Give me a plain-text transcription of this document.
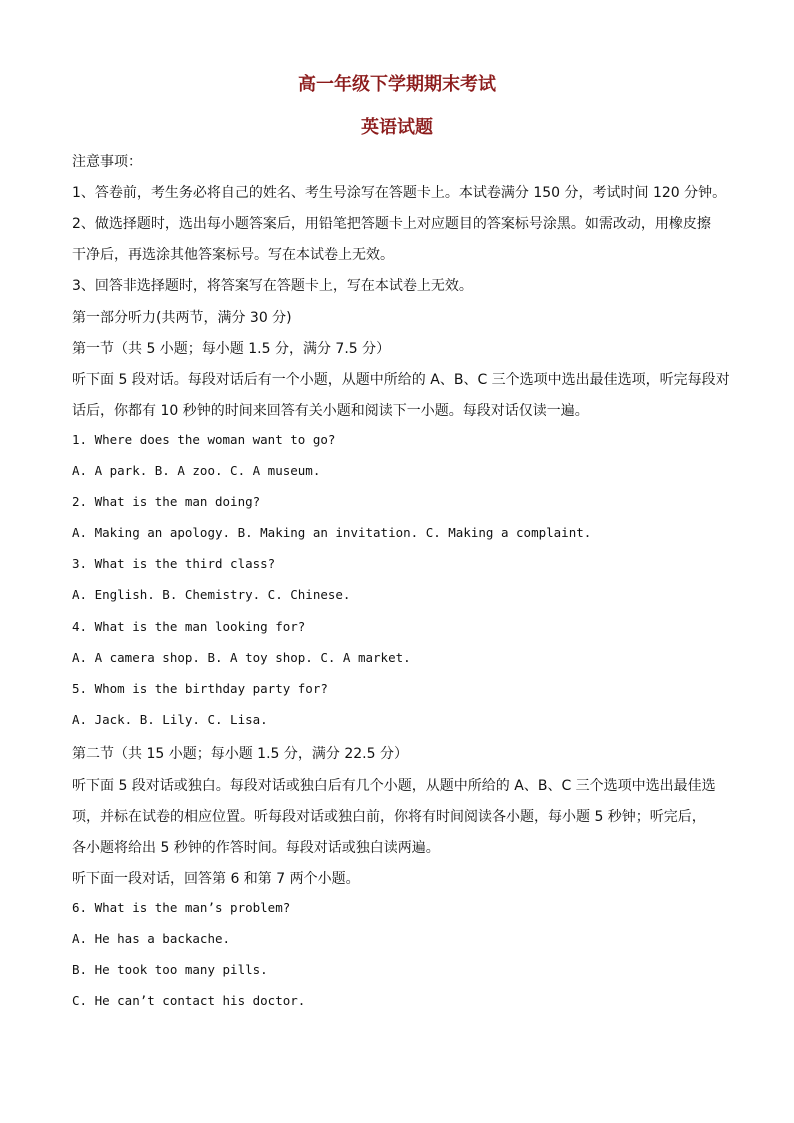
高一年级下学期期末考试
英语试题
注意事项：
1、答卷前，考生务必将自己的姓名、考生号涂写在答题卡上。本试卷满分 150 分，考试时间 120 分钟。
2、做选择题时，选出每小题答案后，用铅笔把答题卡上对应题目的答案标号涂黑。如需改动，用橡皮擦
干净后，再选涂其他答案标号。写在本试卷上无效。
3、回答非选择题时，将答案写在答题卡上，写在本试卷上无效。
第一部分听力(共两节，满分 30 分)
第一节（共 5 小题；每小题 1.5 分，满分 7.5 分）
听下面 5 段对话。每段对话后有一个小题，从题中所给的 A、B、C 三个选项中选出最佳选项，听完每段对
话后，你都有 10 秒钟的时间来回答有关小题和阅读下一小题。每段对话仅读一遍。
1. Where does the woman want to go?
A. A park. B. A zoo. C. A museum.
2. What is the man doing?
A. Making an apology. B. Making an invitation. C. Making a complaint.
3. What is the third class?
A. English. B. Chemistry. C. Chinese.
4. What is the man looking for?
A. A camera shop. B. A toy shop. C. A market.
5. Whom is the birthday party for?
A. Jack. B. Lily. C. Lisa.
第二节（共 15 小题；每小题 1.5 分，满分 22.5 分）
听下面 5 段对话或独白。每段对话或独白后有几个小题，从题中所给的 A、B、C 三个选项中选出最佳选
项，并标在试卷的相应位置。听每段对话或独白前，你将有时间阅读各小题，每小题 5 秒钟；听完后，
各小题将给出 5 秒钟的作答时间。每段对话或独白读两遍。
听下面一段对话，回答第 6 和第 7 两个小题。
6. What is the man’s problem?
A. He has a backache.
B. He took too many pills.
C. He can’t contact his doctor.
